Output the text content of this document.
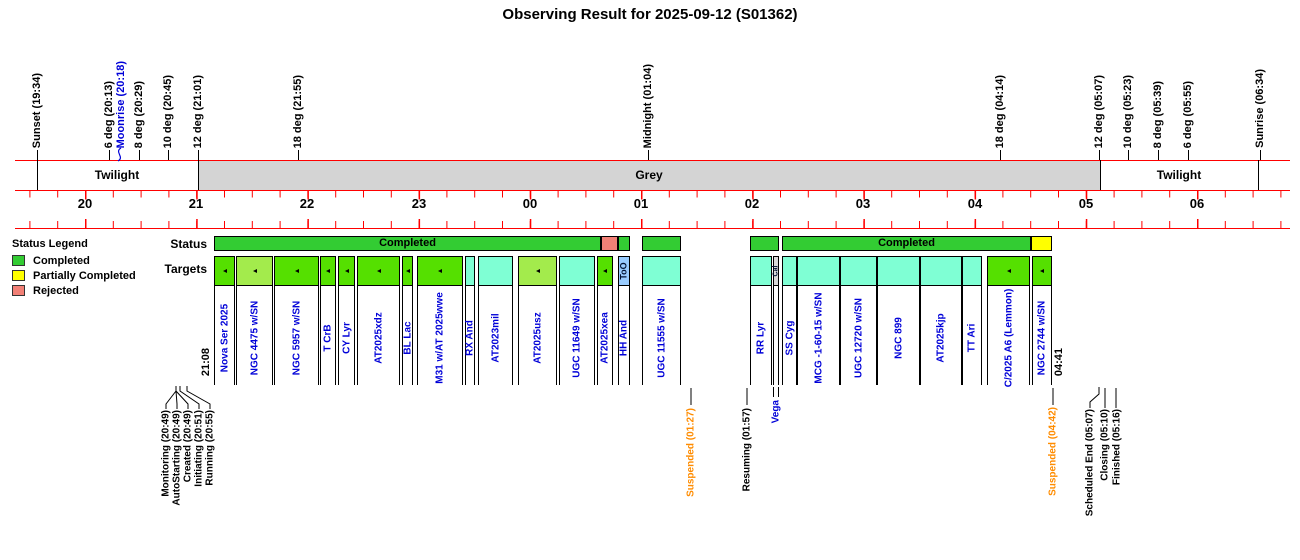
Observing Result for 2025-09-12 (S01362)
Sunset (19:34)	6 deg (20:13) Moonrise (20:18) 8 deg (20:29) 10 deg (20:45) 12 deg (21:01)	18 deg (21:55)	Midnight (01:04)	18 deg (04:14)	12 deg (05:07) 10 deg (05:23) 8 deg (05:39) 6 deg (05:55)	Sunrise (06:34)
Twilight	Grey	Twilight
20	21	22	23	00	01	02	03	04	05	06
Status
Targets
Completed	Completed
Nova Ser 2025 NGC 4475 w/SN	NGC 5957 w/SN T CrB CY Lyr AT2025xdz BL Lac M31 w/AT 2025wwe RX And AT2023mil	AT2025usz	UGC 11649 w/SN AT2025xea
ToO
HH And	UGC 11555 w/SN	RR Lyr
Cal
SS Cyg MCG -1-60-15 w/SN	UGC 12720 w/SN	NGC 899	AT2025kjp TT Ari	C/2025 A6 (Lemmon) NGC 2744 w/SN
21:08	04:41
Monitoring (20:49) AutoStarting (20:49) Created (20:49) Initiating (20:51) Running (20:55)	Suspended (01:27)	Resuming (01:57) Vega	Suspended (04:42)	Scheduled End (05:07) Closing (05:10) Finished (05:16)
Status Legend
Completed
Partially Completed
Rejected
